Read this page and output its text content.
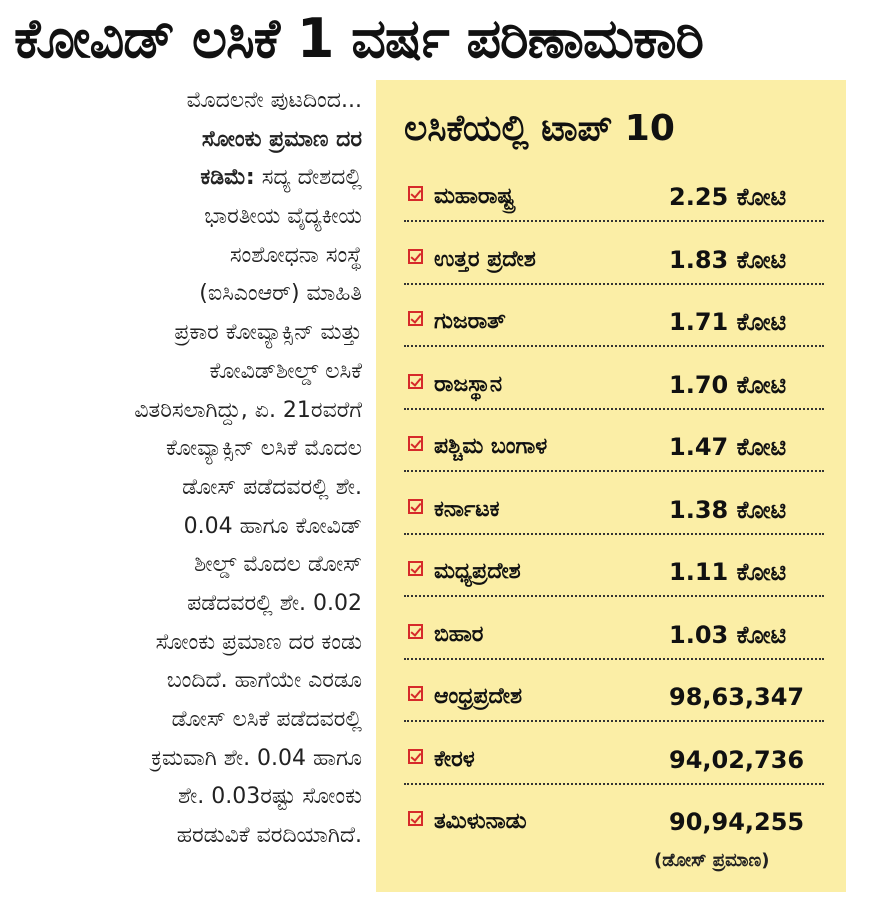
ಕೋವಿಡ್ ಲಸಿಕೆ 1 ವರ್ಷ ಪರಿಣಾಮಕಾರಿ
ಮೊದಲನೇ ಪುಟದಿಂದ...
ಸೋಂಕು ಪ್ರಮಾಣ ದರ
ಕಡಿಮೆ: ಸದ್ಯ ದೇಶದಲ್ಲಿ
ಭಾರತೀಯ ವೈದ್ಯಕೀಯ
ಸಂಶೋಧನಾ ಸಂಸ್ಥೆ
(ಐಸಿಎಂಆರ್) ಮಾಹಿತಿ
ಪ್ರಕಾರ ಕೋವ್ಯಾಕ್ಸಿನ್ ಮತ್ತು
ಕೋವಿಡ್‌ಶೀಲ್ಡ್ ಲಸಿಕೆ
ವಿತರಿಸಲಾಗಿದ್ದು, ಏ. 21ರವರೆಗೆ
ಕೋವ್ಯಾಕ್ಸಿನ್ ಲಸಿಕೆ ಮೊದಲ
ಡೋಸ್ ಪಡೆದವರಲ್ಲಿ ಶೇ.
0.04 ಹಾಗೂ ಕೋವಿಡ್
ಶೀಲ್ಡ್ ಮೊದಲ ಡೋಸ್
ಪಡೆದವರಲ್ಲಿ ಶೇ. 0.02
ಸೋಂಕು ಪ್ರಮಾಣ ದರ ಕಂಡು
ಬಂದಿದೆ. ಹಾಗೆಯೇ ಎರಡೂ
ಡೋಸ್ ಲಸಿಕೆ ಪಡೆದವರಲ್ಲಿ
ಕ್ರಮವಾಗಿ ಶೇ. 0.04 ಹಾಗೂ
ಶೇ. 0.03ರಷ್ಟು ಸೋಂಕು
ಹರಡುವಿಕೆ ವರದಿಯಾಗಿದೆ.
ಲಸಿಕೆಯಲ್ಲಿ ಟಾಪ್ 10
ಮಹಾರಾಷ್ಟ್ರ	2.25 ಕೋಟಿ
ಉತ್ತರ ಪ್ರದೇಶ	1.83 ಕೋಟಿ
ಗುಜರಾತ್	1.71 ಕೋಟಿ
ರಾಜಸ್ಥಾನ	1.70 ಕೋಟಿ
ಪಶ್ಚಿಮ ಬಂಗಾಳ	1.47 ಕೋಟಿ
ಕರ್ನಾಟಕ	1.38 ಕೋಟಿ
ಮಧ್ಯಪ್ರದೇಶ	1.11 ಕೋಟಿ
ಬಿಹಾರ	1.03 ಕೋಟಿ
ಆಂಧ್ರಪ್ರದೇಶ	98,63,347
ಕೇರಳ	94,02,736
ತಮಿಳುನಾಡು	90,94,255
(ಡೋಸ್ ಪ್ರಮಾಣ)
